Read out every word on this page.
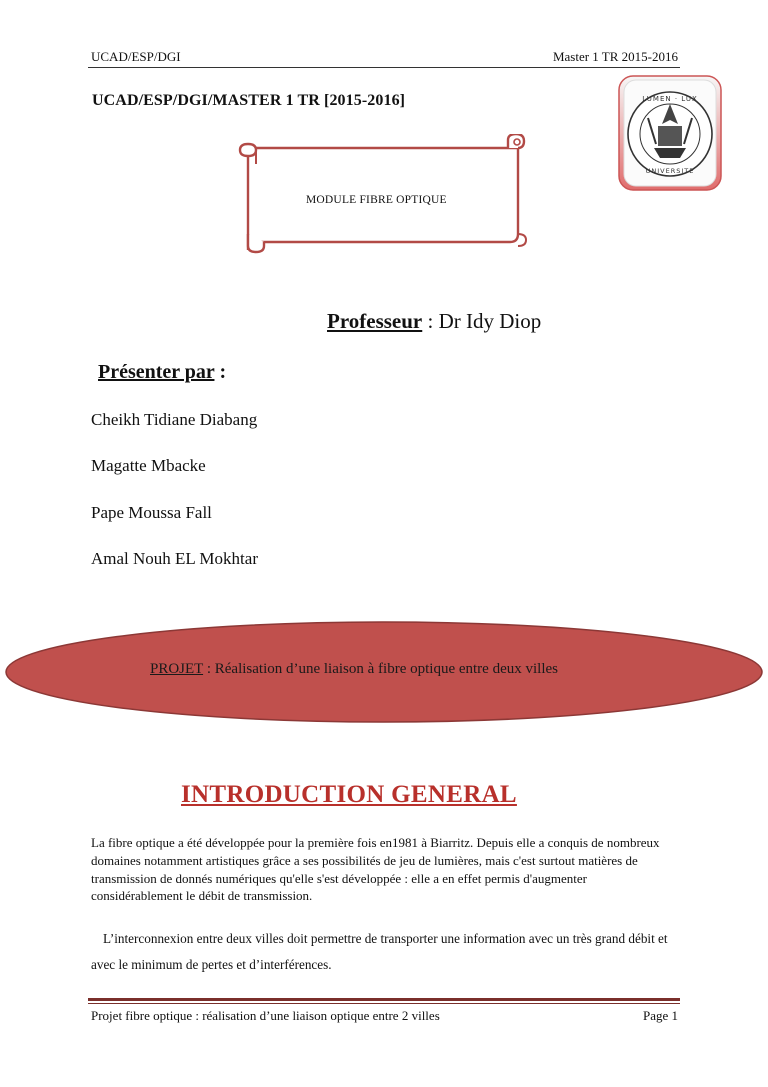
UCAD/ESP/DGI	Master 1 TR 2015-2016
UCAD/ESP/DGI/MASTER 1 TR [2015-2016]	LUMEN · LUX
UNIVERSITE
MODULE FIBRE OPTIQUE
Professeur : Dr Idy Diop
Présenter par :
Cheikh Tidiane Diabang
Magatte Mbacke
Pape Moussa Fall
Amal Nouh EL Mokhtar
PROJET : Réalisation d’une liaison à fibre optique entre deux villes
INTRODUCTION GENERAL
La fibre optique a été développée pour la première fois en1981 à Biarritz. Depuis elle a conquis de nombreux domaines notamment artistiques grâce a ses possibilités de jeu de lumières, mais c'est surtout matières de transmission de donnés numériques qu'elle s'est développée : elle a en effet permis d'augmenter considérablement le débit de transmission.
L’interconnexion entre deux villes doit permettre de transporter une information avec un très grand débit et avec le minimum de pertes et d’interférences.
Projet fibre optique : réalisation d’une liaison optique entre 2 villes	Page 1
